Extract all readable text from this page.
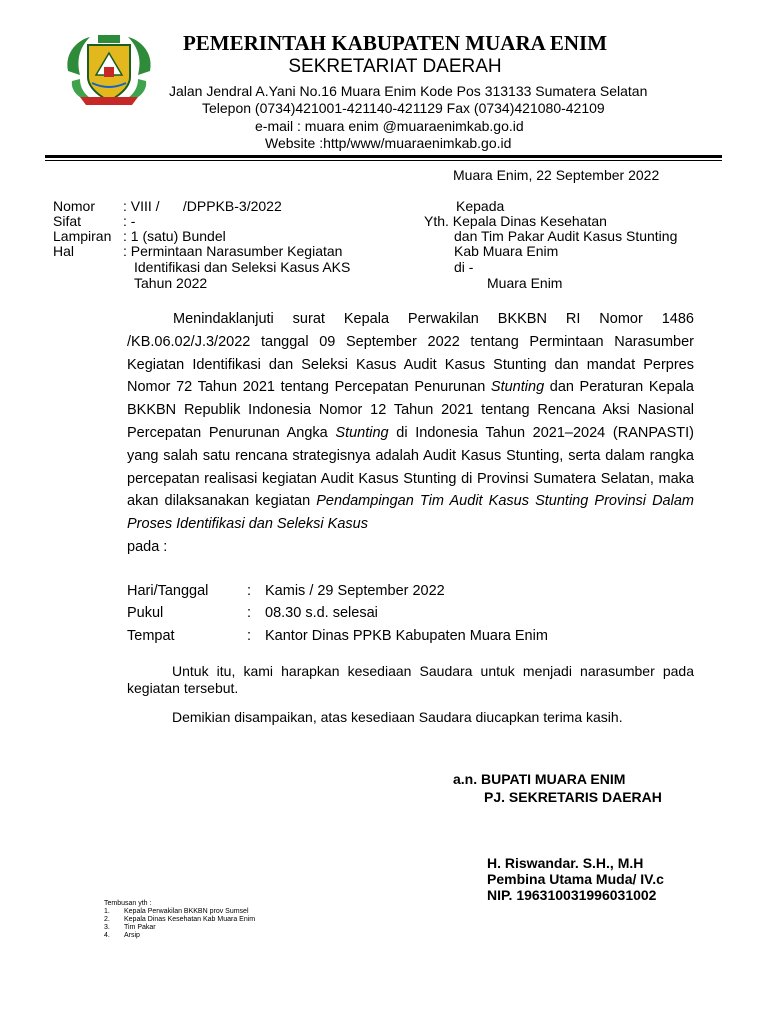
PEMERINTAH KABUPATEN MUARA ENIM
SEKRETARIAT DAERAH
Jalan Jendral A.Yani No.16 Muara Enim Kode Pos 313133 Sumatera Selatan
Telepon (0734)421001-421140-421129 Fax (0734)421080-42109
e-mail : muara enim @muaraenimkab.go.id
Website :http/www/muaraenimkab.go.id
Muara Enim, 22 September 2022
Nomor : VIII /      /DPPKB-3/2022
Sifat	: -
Lampiran : 1 (satu) Bundel
Hal	: Permintaan Narasumber Kegiatan
Identifikasi dan Seleksi Kasus AKS
Tahun 2022
Kepada
Yth. Kepala Dinas Kesehatan
dan Tim Pakar Audit Kasus Stunting
Kab Muara Enim
di -
Muara Enim
Menindaklanjuti surat Kepala Perwakilan BKKBN RI Nomor 1486 /KB.06.02/J.3/2022 tanggal 09 September 2022 tentang Permintaan Narasumber Kegiatan Identifikasi dan Seleksi Kasus Audit Kasus Stunting dan mandat Perpres Nomor 72 Tahun 2021 tentang Percepatan Penurunan Stunting dan Peraturan Kepala BKKBN Republik Indonesia Nomor 12 Tahun 2021 tentang Rencana Aksi Nasional Percepatan Penurunan Angka Stunting di Indonesia Tahun 2021–2024 (RANPASTI) yang salah satu rencana strategisnya adalah Audit Kasus Stunting, serta dalam rangka percepatan realisasi kegiatan Audit Kasus Stunting di Provinsi Sumatera Selatan, maka akan dilaksanakan kegiatan Pendampingan Tim Audit Kasus Stunting Provinsi Dalam Proses Identifikasi dan Seleksi Kasus
pada :
Hari/Tanggal	: Kamis / 29 September 2022
Pukul	: 08.30 s.d. selesai
Tempat	: Kantor Dinas PPKB Kabupaten Muara Enim
Untuk itu, kami harapkan kesediaan Saudara untuk menjadi narasumber pada kegiatan tersebut.
Demikian disampaikan, atas kesediaan Saudara diucapkan terima kasih.
a.n. BUPATI MUARA ENIM
PJ. SEKRETARIS DAERAH
H. Riswandar. S.H., M.H
Pembina Utama Muda/ IV.c
NIP. 196310031996031002
Tembusan yth :
1. Kepala Perwakilan BKKBN prov Sumsel
2. Kepala Dinas Kesehatan Kab Muara Enim
3. Tim Pakar
4. Arsip
